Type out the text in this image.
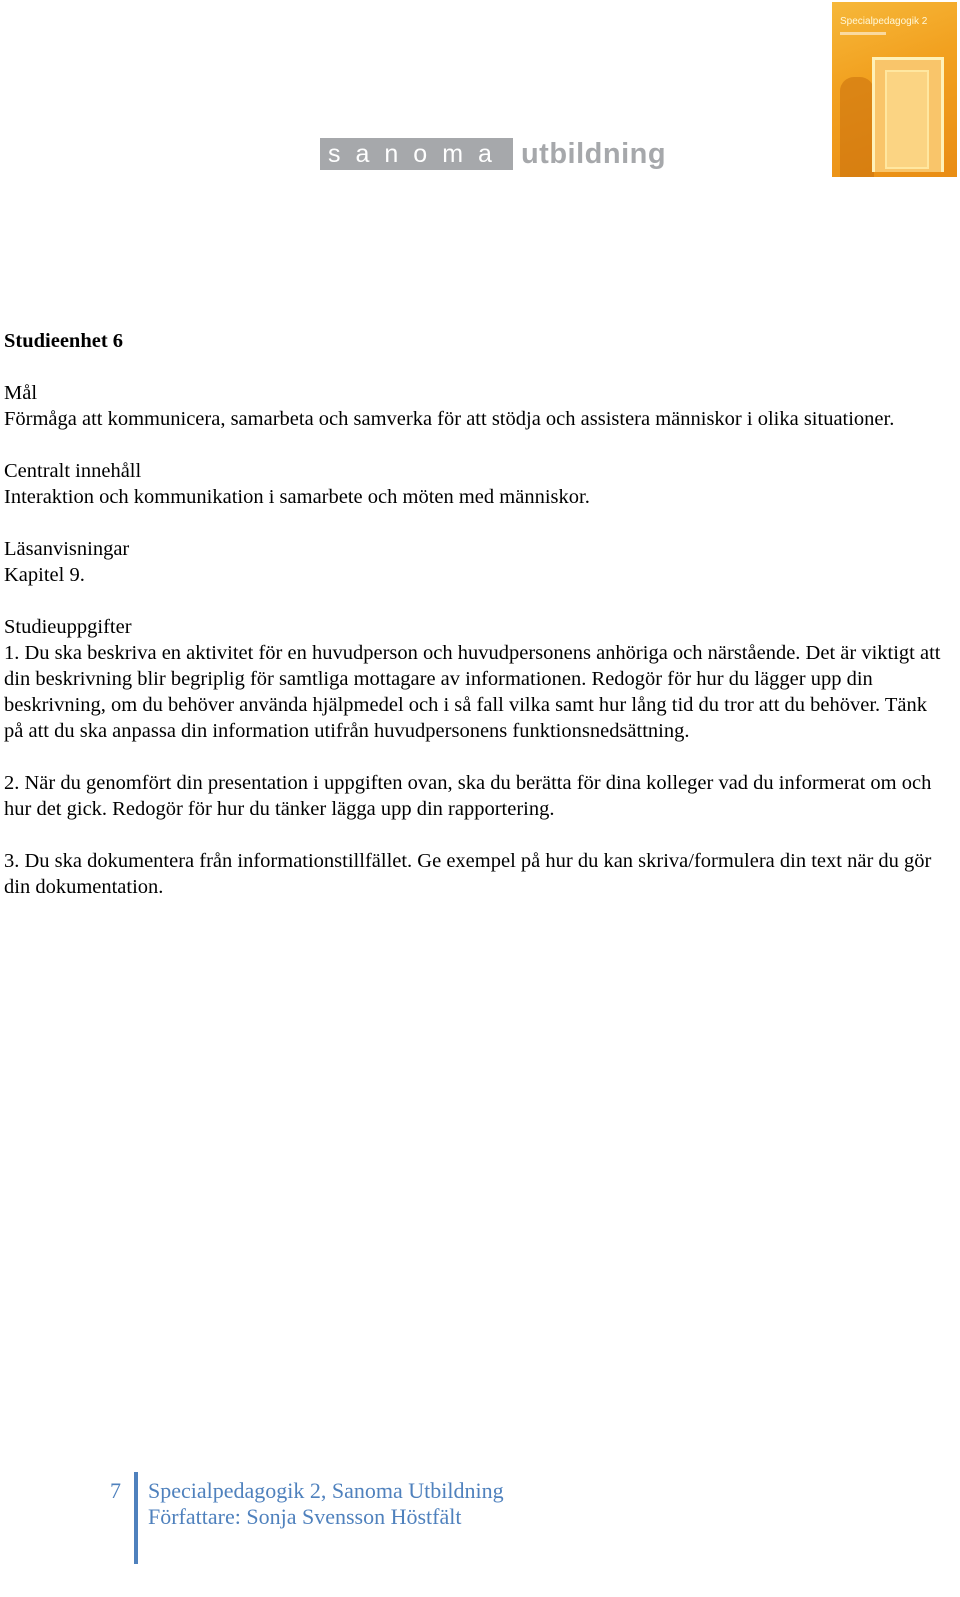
sanoma utbildning
Specialpedagogik 2

Studieenhet 6

Mål
Förmåga att kommunicera, samarbeta och samverka för att stödja och assistera människor i olika situationer.

Centralt innehåll
Interaktion och kommunikation i samarbete och möten med människor.

Läsanvisningar
Kapitel 9.

Studieuppgifter
1. Du ska beskriva en aktivitet för en huvudperson och huvudpersonens anhöriga och närstående. Det är viktigt att din beskrivning blir begriplig för samtliga mottagare av informationen. Redogör för hur du lägger upp din beskrivning, om du behöver använda hjälpmedel och i så fall vilka samt hur lång tid du tror att du behöver. Tänk på att du ska anpassa din information utifrån huvudpersonens funktionsnedsättning.

2. När du genomfört din presentation i uppgiften ovan, ska du berätta för dina kolleger vad du informerat om och hur det gick. Redogör för hur du tänker lägga upp din rapportering.

3. Du ska dokumentera från informationstillfället. Ge exempel på hur du kan skriva/formulera din text när du gör din dokumentation.

7 Specialpedagogik 2, Sanoma Utbildning
Författare: Sonja Svensson Höstfält
